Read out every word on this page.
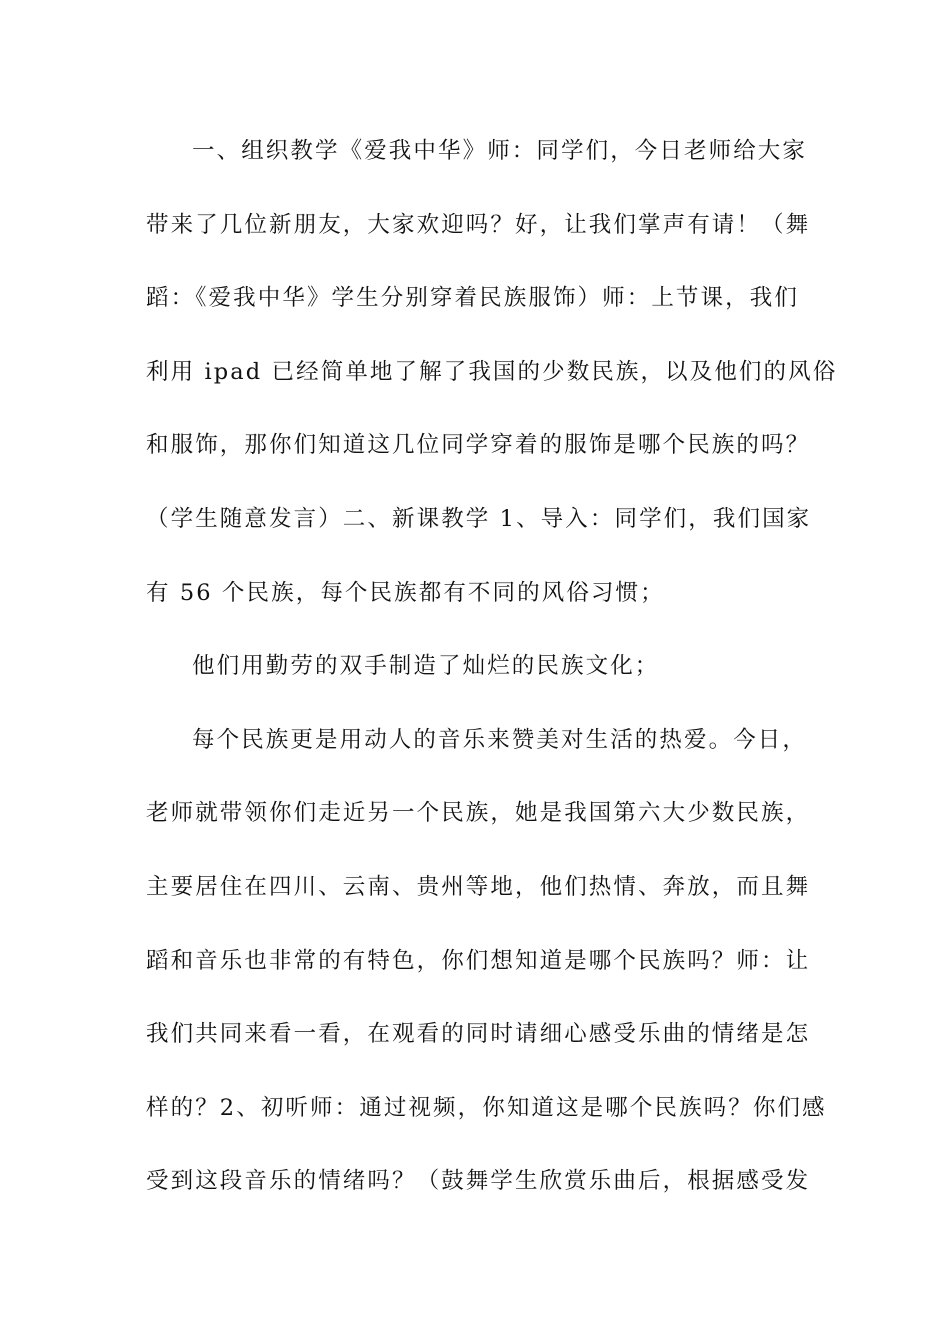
一、组织教学《爱我中华》师：同学们，今日老师给大家
带来了几位新朋友，大家欢迎吗？好，让我们掌声有请！（舞
蹈：《爱我中华》学生分别穿着民族服饰）师：上节课，我们
利用 ipad 已经简单地了解了我国的少数民族，以及他们的风俗
和服饰，那你们知道这几位同学穿着的服饰是哪个民族的吗？
（学生随意发言）二、新课教学 1、导入：同学们，我们国家
有 56 个民族，每个民族都有不同的风俗习惯；
他们用勤劳的双手制造了灿烂的民族文化；
每个民族更是用动人的音乐来赞美对生活的热爱。今日，
老师就带领你们走近另一个民族，她是我国第六大少数民族，
主要居住在四川、云南、贵州等地，他们热情、奔放，而且舞
蹈和音乐也非常的有特色，你们想知道是哪个民族吗？师：让
我们共同来看一看，在观看的同时请细心感受乐曲的情绪是怎
样的？2、初听师：通过视频，你知道这是哪个民族吗？你们感
受到这段音乐的情绪吗？（鼓舞学生欣赏乐曲后，根据感受发
